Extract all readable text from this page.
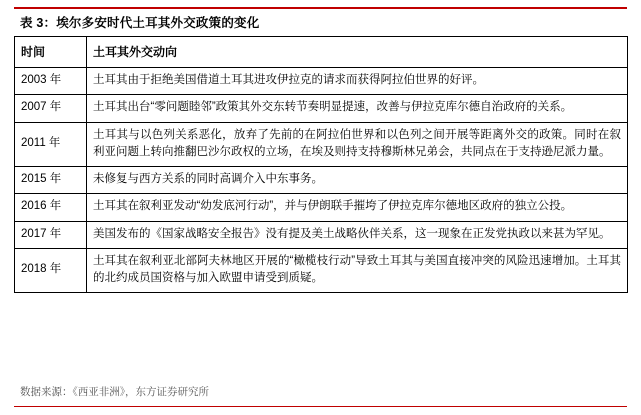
表 3：埃尔多安时代土耳其外交政策的变化
时间	土耳其外交动向
2003 年	土耳其由于拒绝美国借道土耳其进攻伊拉克的请求而获得阿拉伯世界的好评。
2007 年	土耳其出台“零问题睦邻”政策其外交东转节奏明显提速，改善与伊拉克库尔德自治政府的关系。
2011 年	土耳其与以色列关系恶化，放弃了先前的在阿拉伯世界和以色列之间开展等距离外交的政策。同时在叙利亚问题上转向推翻巴沙尔政权的立场，在埃及则持支持穆斯林兄弟会，共同点在于支持逊尼派力量。
2015 年	未修复与西方关系的同时高调介入中东事务。
2016 年	土耳其在叙利亚发动“幼发底河行动”，并与伊朗联手摧垮了伊拉克库尔德地区政府的独立公投。
2017 年	美国发布的《国家战略安全报告》没有提及美土战略伙伴关系，这一现象在正发党执政以来甚为罕见。
2018 年	土耳其在叙利亚北部阿夫林地区开展的“橄榄枝行动”导致土耳其与美国直接冲突的风险迅速增加。土耳其的北约成员国资格与加入欧盟申请受到质疑。
数据来源：《西亚非洲》，东方证券研究所
